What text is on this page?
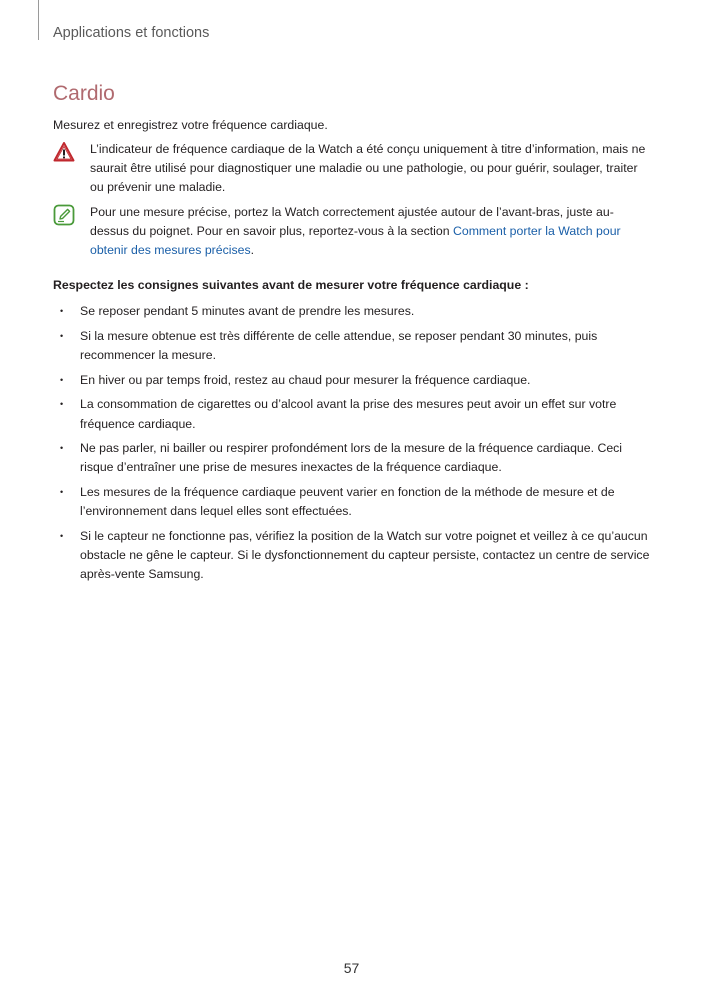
Applications et fonctions
Cardio
Mesurez et enregistrez votre fréquence cardiaque.
L’indicateur de fréquence cardiaque de la Watch a été conçu uniquement à titre d’information, mais ne saurait être utilisé pour diagnostiquer une maladie ou une pathologie, ou pour guérir, soulager, traiter ou prévenir une maladie.
Pour une mesure précise, portez la Watch correctement ajustée autour de l’avant-bras, juste au-dessus du poignet. Pour en savoir plus, reportez-vous à la section Comment porter la Watch pour obtenir des mesures précises.
Respectez les consignes suivantes avant de mesurer votre fréquence cardiaque :
• Se reposer pendant 5 minutes avant de prendre les mesures.
• Si la mesure obtenue est très différente de celle attendue, se reposer pendant 30 minutes, puis recommencer la mesure.
• En hiver ou par temps froid, restez au chaud pour mesurer la fréquence cardiaque.
• La consommation de cigarettes ou d’alcool avant la prise des mesures peut avoir un effet sur votre fréquence cardiaque.
• Ne pas parler, ni bailler ou respirer profondément lors de la mesure de la fréquence cardiaque. Ceci risque d’entraîner une prise de mesures inexactes de la fréquence cardiaque.
• Les mesures de la fréquence cardiaque peuvent varier en fonction de la méthode de mesure et de l’environnement dans lequel elles sont effectuées.
• Si le capteur ne fonctionne pas, vérifiez la position de la Watch sur votre poignet et veillez à ce qu’aucun obstacle ne gêne le capteur. Si le dysfonctionnement du capteur persiste, contactez un centre de service après-vente Samsung.
57
